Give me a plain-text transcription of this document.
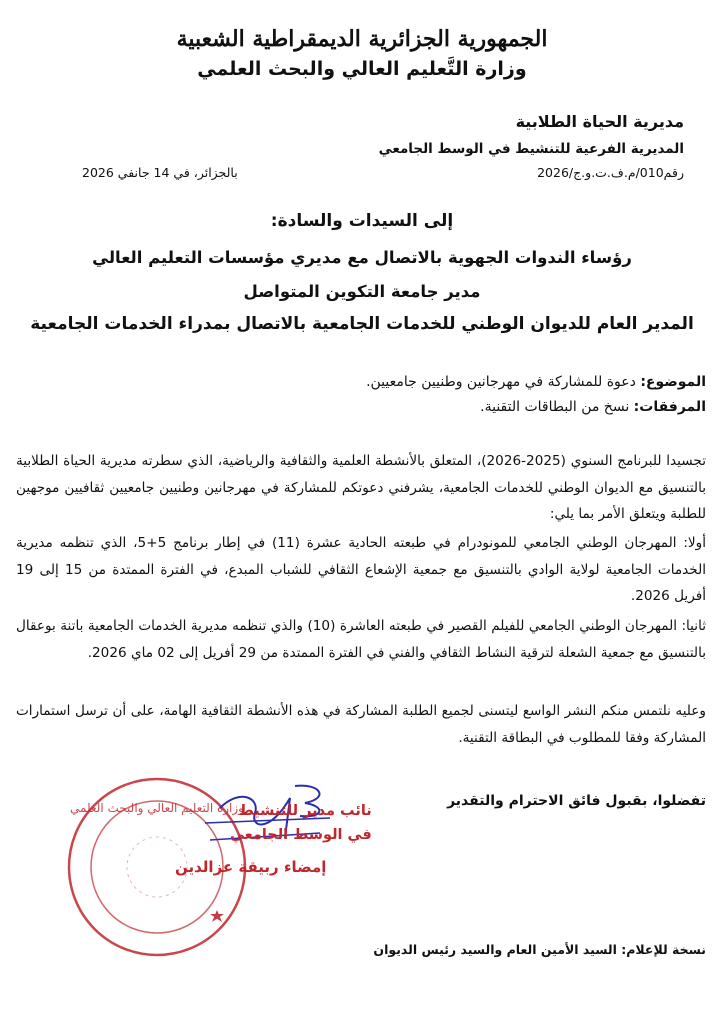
الجمهورية الجزائرية الديمقراطية الشعبية
وزارة التَّعليم العالي والبحث العلمي
مديرية الحياة الطلابية
المديرية الفرعية للتنشيط في الوسط الجامعي
رقم010/م.ف.ت.و.ج/2026
بالجزائر، في 14 جانفي 2026
إلى السيدات والسادة:
رؤساء الندوات الجهوية بالاتصال مع مديري مؤسسات التعليم العالي
مدير جامعة التكوين المتواصل
المدير العام للديوان الوطني للخدمات الجامعية بالاتصال بمدراء الخدمات الجامعية
الموضوع: دعوة للمشاركة في مهرجانين وطنيين جامعيين.
المرفقات: نسخ من البطاقات التقنية.
تجسيدا للبرنامج السنوي (2025-2026)، المتعلق بالأنشطة العلمية والثقافية والرياضية، الذي سطرته مديرية الحياة الطلابية بالتنسيق مع الديوان الوطني للخدمات الجامعية، يشرفني دعوتكم للمشاركة في مهرجانين وطنيين جامعيين ثقافيين موجهين للطلبة ويتعلق الأمر بما يلي:
أولا: المهرجان الوطني الجامعي للمونودرام في طبعته الحادية عشرة (11) في إطار برنامج 5+5، الذي تنظمه مديرية الخدمات الجامعية لولاية الوادي بالتنسيق مع جمعية الإشعاع الثقافي للشباب المبدع، في الفترة الممتدة من 15 إلى 19 أفريل 2026.
ثانيا: المهرجان الوطني الجامعي للفيلم القصير في طبعته العاشرة (10) والذي تنظمه مديرية الخدمات الجامعية باتنة بوعقال بالتنسيق مع جمعية الشعلة لترقية النشاط الثقافي والفني في الفترة الممتدة من 29 أفريل إلى 02 ماي 2026.
وعليه نلتمس منكم النشر الواسع ليتسنى لجميع الطلبة المشاركة في هذه الأنشطة الثقافية الهامة، على أن ترسل استمارات المشاركة وفقا للمطلوب في البطاقة التقنية.
تفضلوا، بقبول فائق الاحترام والتقدير
وزارة التعليم العالي والبحث العلمي
نائب مدير للتنشيط
في الوسط الجامعي
إمضاء ربيقة عزالدين
نسخة للإعلام: السيد الأمين العام والسيد رئيس الديوان
